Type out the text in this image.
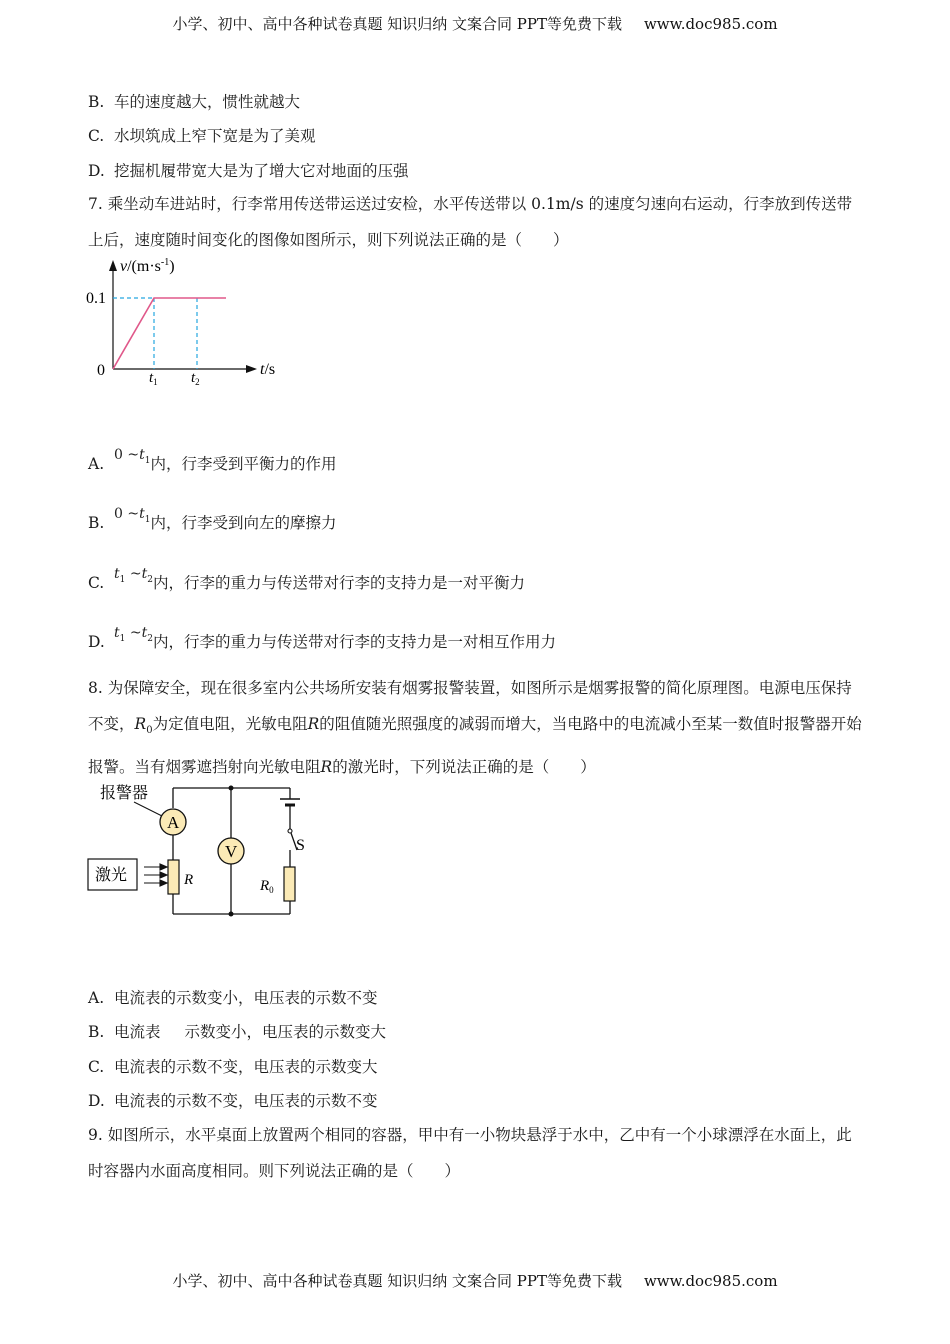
小学、初中、高中各种试卷真题 知识归纳 文案合同 PPT等免费下载 www.doc985.com
B. 车的速度越大，惯性就越大
C. 水坝筑成上窄下宽是为了美观
D. 挖掘机履带宽大是为了增大它对地面的压强
7. 乘坐动车进站时，行李常用传送带运送过安检，水平传送带以 0.1m/s 的速度匀速向右运动，行李放到传送带上后，速度随时间变化的图像如图所示，则下列说法正确的是（　　）
$v/(m\cdot s^{-1})$
0.1
0	t/s
$t_1$ $t_2$
A. 0 $\sim t_1$内，行李受到平衡力的作用
B. 0 $\sim t_1$内，行李受到向左的摩擦力
C. $t_1$ $\sim t_2$内，行李的重力与传送带对行李的支持力是一对平衡力
D. $t_1$ $\sim t_2$内，行李的重力与传送带对行李的支持力是一对相互作用力
8. 为保障安全，现在很多室内公共场所安装有烟雾报警装置，如图所示是烟雾报警的简化原理图。电源电压保持不变，$R_0$为定值电阻，光敏电阻R的阻值随光照强度的减弱而增大，当电路中的电流减小至某一数值时报警器开始报警。当有烟雾遮挡射向光敏电阻R的激光时，下列说法正确的是（　　）
S
$R_0$
A
V
报警器
R
激光
A. 电流表的示数变小，电压表的示数不变
B. 电流表 示数变小，电压表的示数变大
C. 电流表的示数不变，电压表的示数变大
D. 电流表的示数不变，电压表的示数不变
9. 如图所示，水平桌面上放置两个相同的容器，甲中有一小物块悬浮于水中，乙中有一个小球漂浮在水面上，此时容器内水面高度相同。则下列说法正确的是（　　）
小学、初中、高中各种试卷真题 知识归纳 文案合同 PPT等免费下载 www.doc985.com
